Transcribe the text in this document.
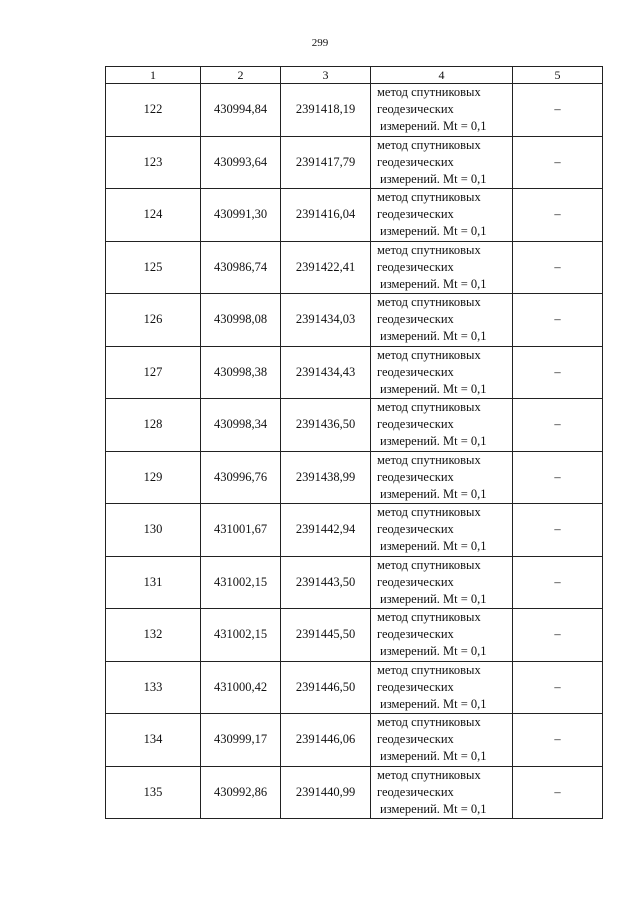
299
1	2	3	4	5
122	430994,84	2391418,19	метод спутниковых
геодезических
измерений. Mt = 0,1	–
123	430993,64	2391417,79	метод спутниковых
геодезических
измерений. Mt = 0,1	–
124	430991,30	2391416,04	метод спутниковых
геодезических
измерений. Mt = 0,1	–
125	430986,74	2391422,41	метод спутниковых
геодезических
измерений. Mt = 0,1	–
126	430998,08	2391434,03	метод спутниковых
геодезических
измерений. Mt = 0,1	–
127	430998,38	2391434,43	метод спутниковых
геодезических
измерений. Mt = 0,1	–
128	430998,34	2391436,50	метод спутниковых
геодезических
измерений. Mt = 0,1	–
129	430996,76	2391438,99	метод спутниковых
геодезических
измерений. Mt = 0,1	–
130	431001,67	2391442,94	метод спутниковых
геодезических
измерений. Mt = 0,1	–
131	431002,15	2391443,50	метод спутниковых
геодезических
измерений. Mt = 0,1	–
132	431002,15	2391445,50	метод спутниковых
геодезических
измерений. Mt = 0,1	–
133	431000,42	2391446,50	метод спутниковых
геодезических
измерений. Mt = 0,1	–
134	430999,17	2391446,06	метод спутниковых
геодезических
измерений. Mt = 0,1	–
135	430992,86	2391440,99	метод спутниковых
геодезических
измерений. Mt = 0,1	–
